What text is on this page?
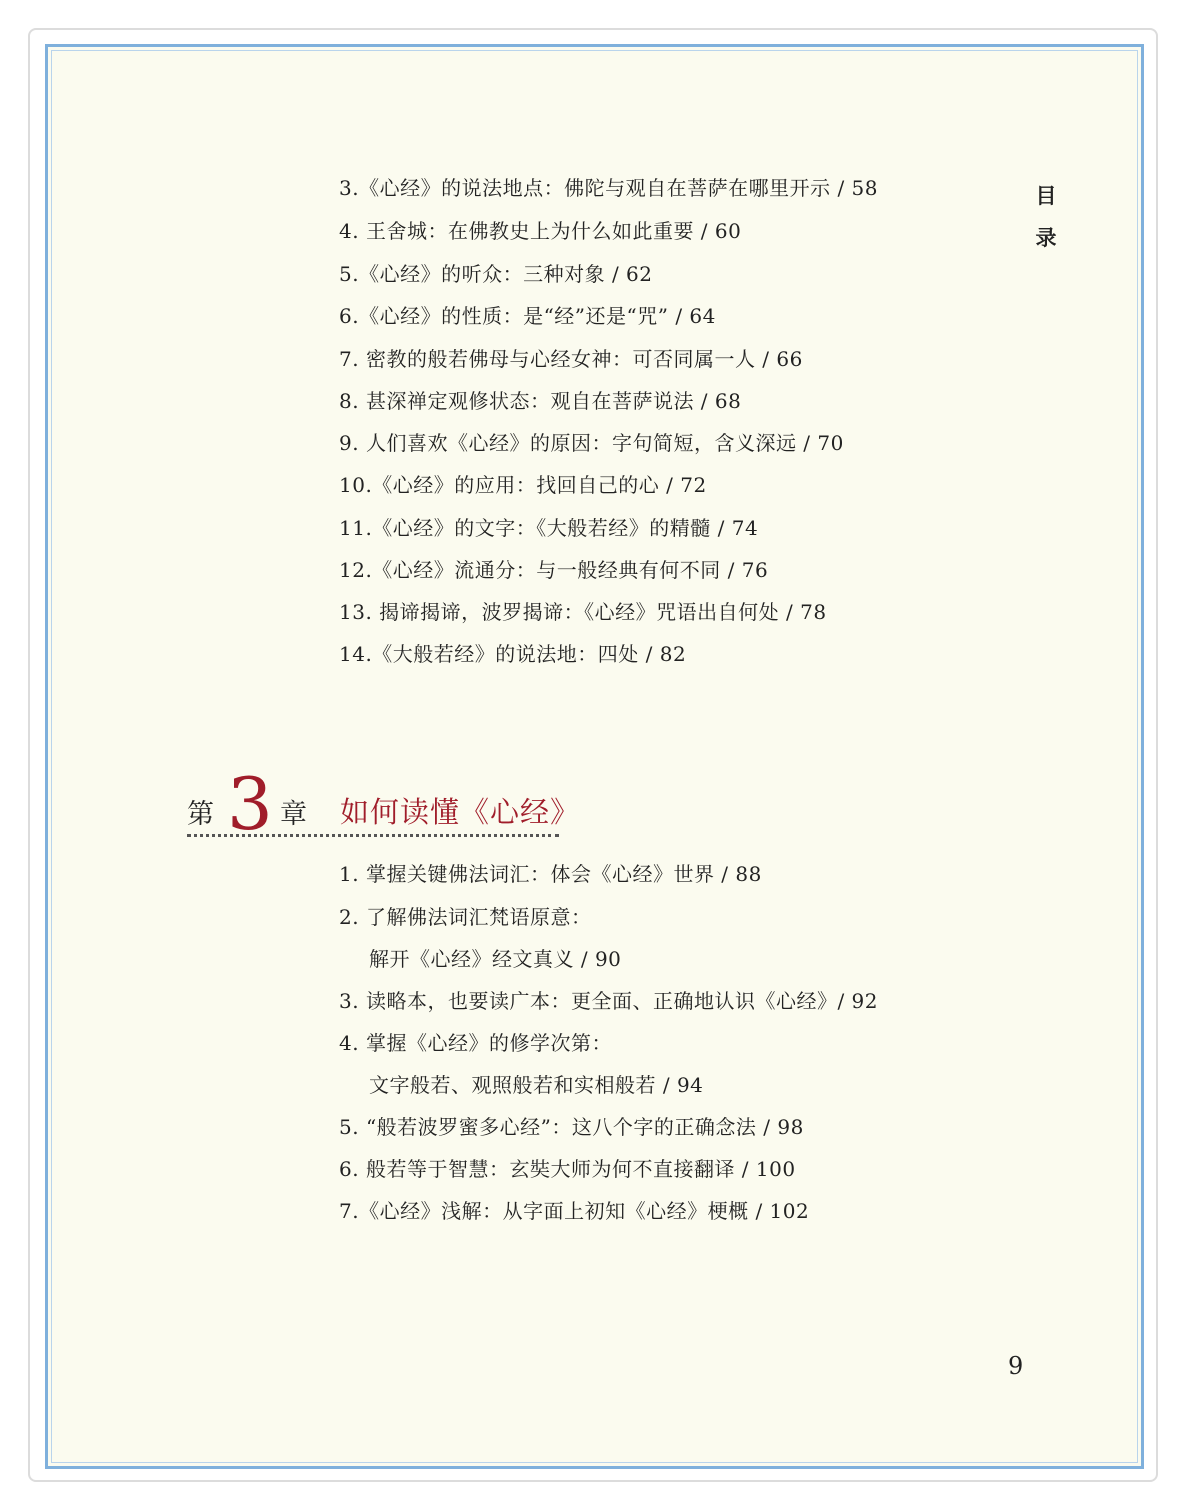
目
录
3.《心经》的说法地点：佛陀与观自在菩萨在哪里开示 / 58
4. 王舍城：在佛教史上为什么如此重要 / 60
5.《心经》的听众：三种对象 / 62
6.《心经》的性质：是“经”还是“咒” / 64
7. 密教的般若佛母与心经女神：可否同属一人 / 66
8. 甚深禅定观修状态：观自在菩萨说法 / 68
9. 人们喜欢《心经》的原因：字句简短，含义深远 / 70
10.《心经》的应用：找回自己的心 / 72
11.《心经》的文字：《大般若经》的精髓 / 74
12.《心经》流通分：与一般经典有何不同 / 76
13. 揭谛揭谛，波罗揭谛：《心经》咒语出自何处 / 78
14.《大般若经》的说法地：四处 / 82
第 3 章 如何读懂《心经》
1. 掌握关键佛法词汇：体会《心经》世界 / 88
2. 了解佛法词汇梵语原意：
解开《心经》经文真义 / 90
3. 读略本，也要读广本：更全面、正确地认识《心经》/ 92
4. 掌握《心经》的修学次第：
文字般若、观照般若和实相般若 / 94
5. “般若波罗蜜多心经”：这八个字的正确念法 / 98
6. 般若等于智慧：玄奘大师为何不直接翻译 / 100
7.《心经》浅解：从字面上初知《心经》梗概 / 102
9
